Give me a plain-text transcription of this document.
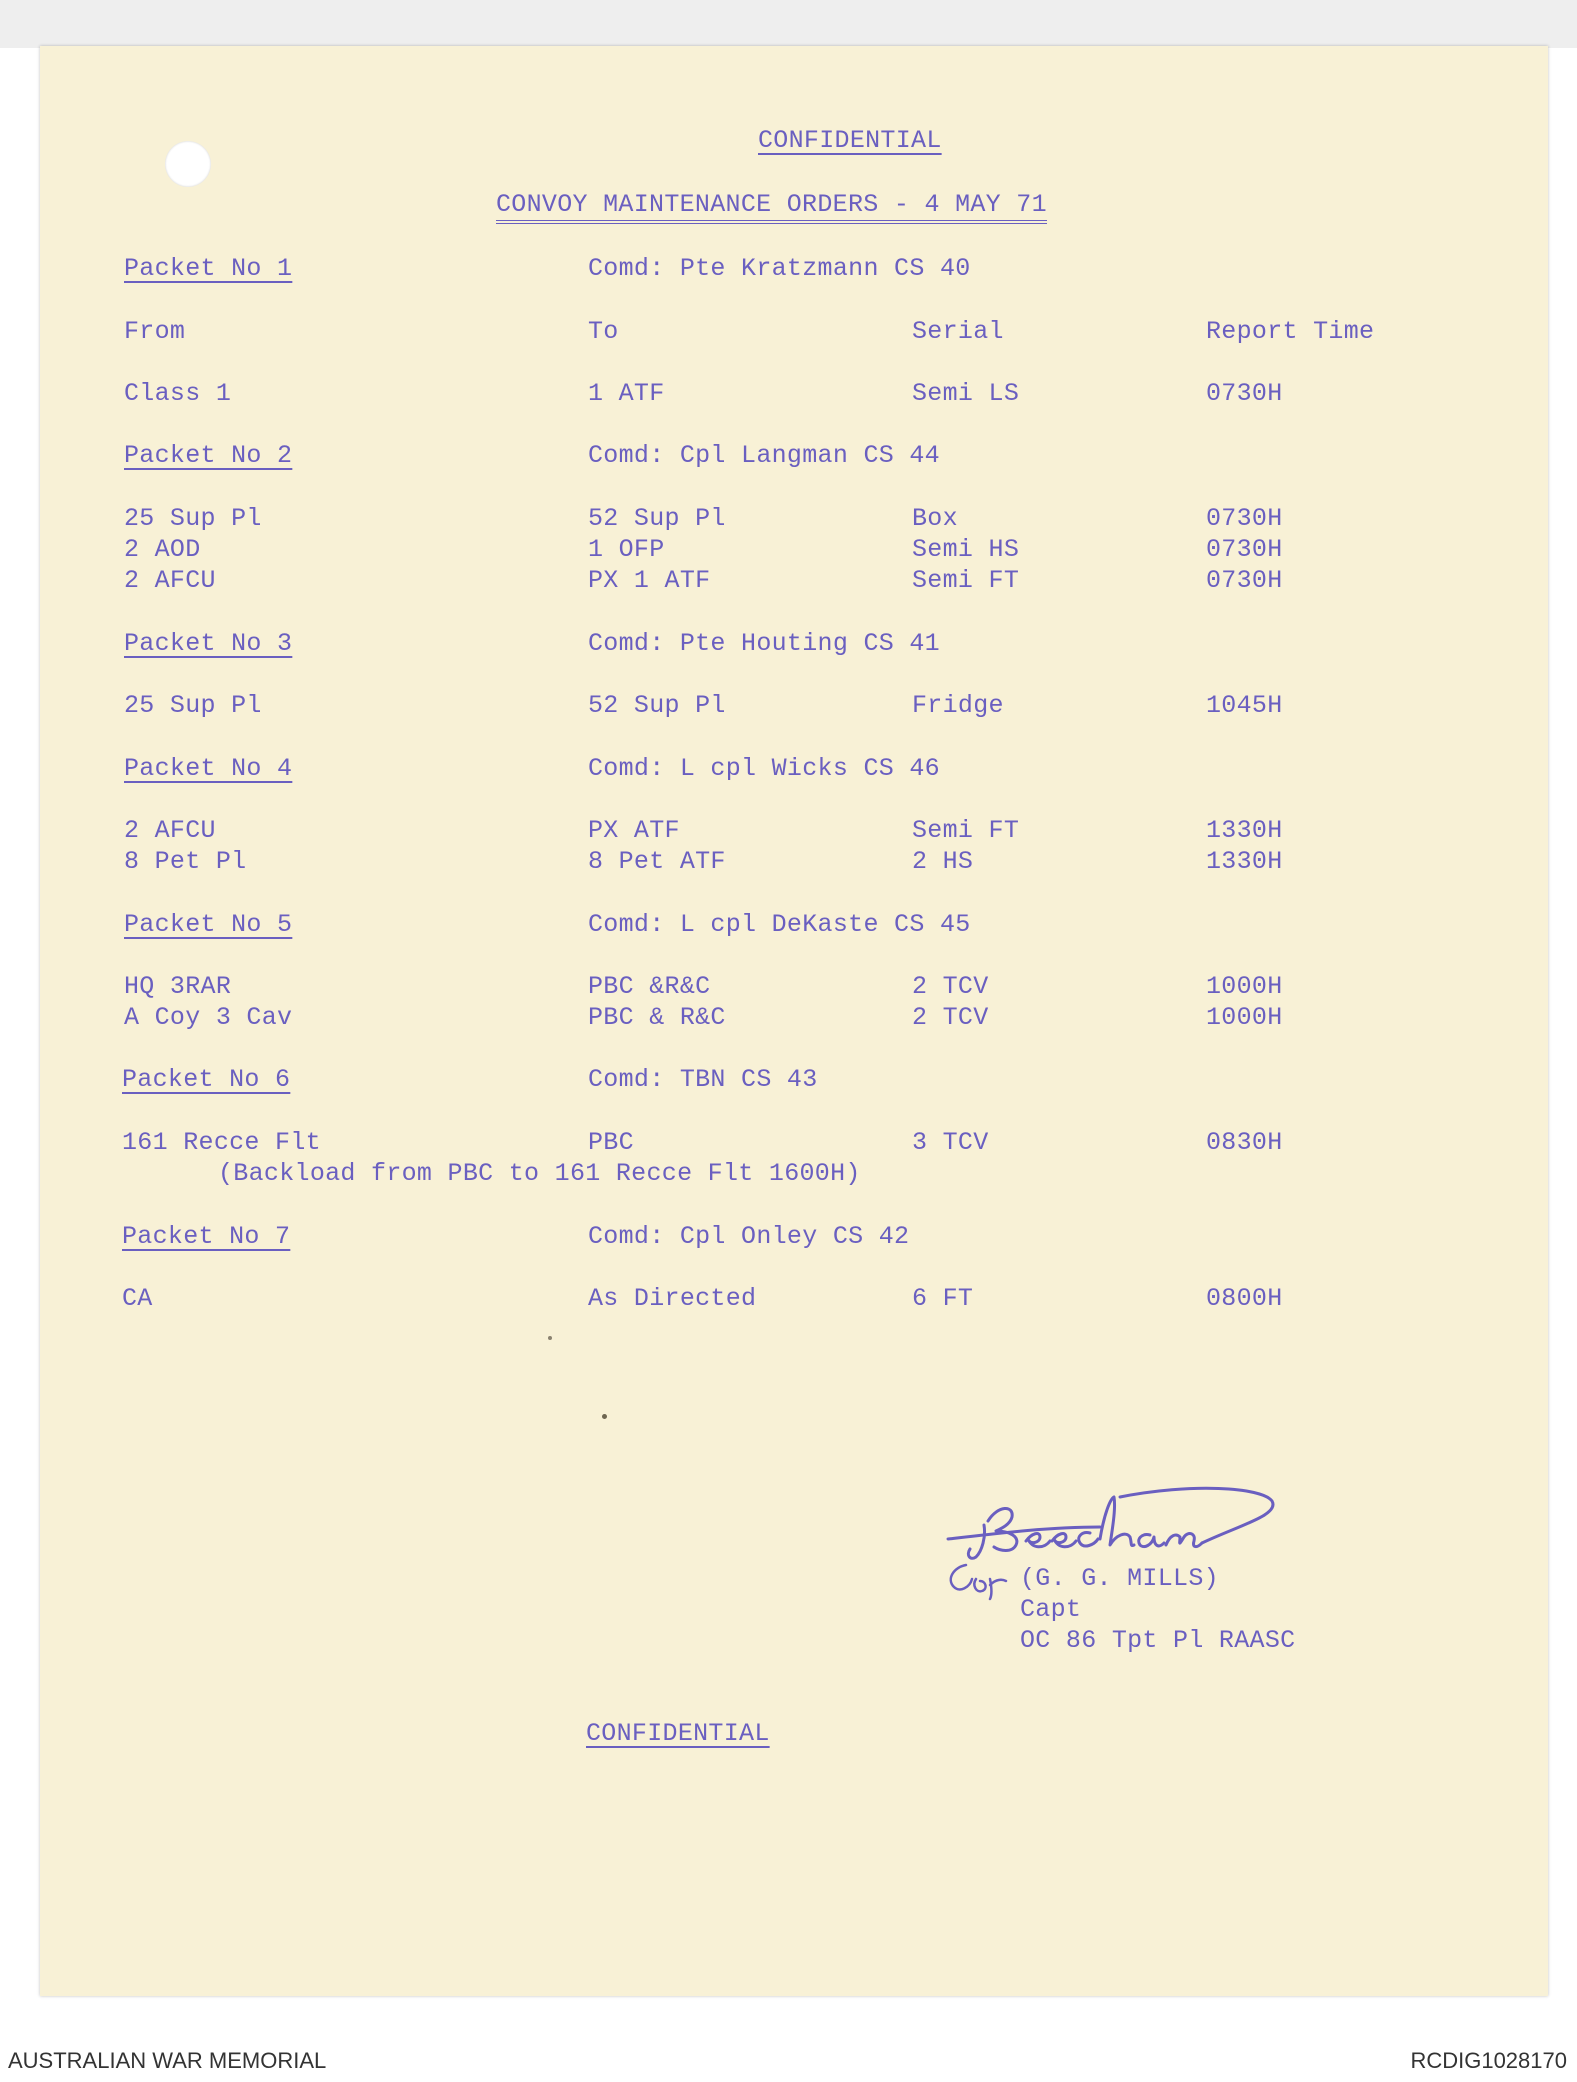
CONFIDENTIAL
CONVOY MAINTENANCE ORDERS - 4 MAY 71
Packet No 1	Comd: Pte Kratzmann CS 40
From	To	Serial	Report Time
Class 1	1 ATF	Semi LS	0730H
Packet No 2	Comd: Cpl Langman CS 44
25 Sup Pl	52 Sup Pl	Box	0730H
2 AOD	1 OFP	Semi HS	0730H
2 AFCU	PX 1 ATF	Semi FT	0730H
Packet No 3	Comd: Pte Houting CS 41
25 Sup Pl	52 Sup Pl	Fridge	1045H
Packet No 4	Comd: L cpl Wicks CS 46
2 AFCU	PX ATF	Semi FT	1330H
8 Pet Pl	8 Pet ATF	2 HS	1330H
Packet No 5	Comd: L cpl DeKaste CS 45
HQ 3RAR	PBC &R&C	2 TCV	1000H
A Coy 3 Cav	PBC & R&C	2 TCV	1000H
Packet No 6	Comd: TBN CS 43
161 Recce Flt	PBC	3 TCV	0830H
(Backload from PBC to 161 Recce Flt 1600H)
Packet No 7	Comd: Cpl Onley CS 42
CA	As Directed	6 FT	0800H
(G. G. MILLS)
Capt
OC 86 Tpt Pl RAASC
CONFIDENTIAL
AUSTRALIAN WAR MEMORIAL	RCDIG1028170
